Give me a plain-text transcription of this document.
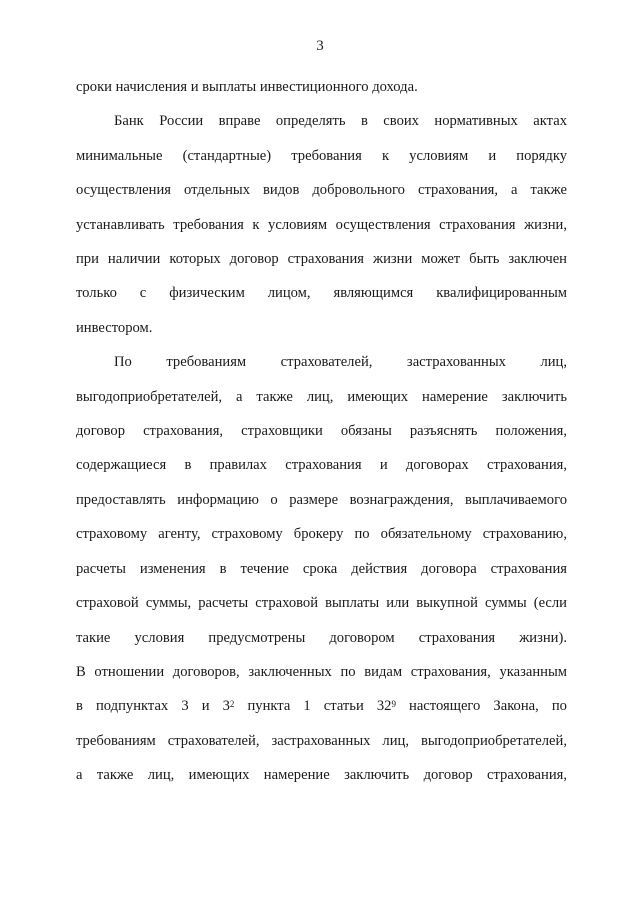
3

сроки начисления и выплаты инвестиционного дохода.

Банк России вправе определять в своих нормативных актах
минимальные (стандартные) требования к условиям и порядку
осуществления отдельных видов добровольного страхования, а также
устанавливать требования к условиям осуществления страхования жизни,
при наличии которых договор страхования жизни может быть заключен
только с физическим лицом, являющимся квалифицированным
инвестором.

По требованиям страхователей, застрахованных лиц,
выгодоприобретателей, а также лиц, имеющих намерение заключить
договор страхования, страховщики обязаны разъяснять положения,
содержащиеся в правилах страхования и договорах страхования,
предоставлять информацию о размере вознаграждения, выплачиваемого
страховому агенту, страховому брокеру по обязательному страхованию,
расчеты изменения в течение срока действия договора страхования
страховой суммы, расчеты страховой выплаты или выкупной суммы (если
такие условия предусмотрены договором страхования жизни).
В отношении договоров, заключенных по видам страхования, указанным
в подпунктах 3 и $3^2$ пункта 1 статьи $32^9$ настоящего Закона, по
требованиям страхователей, застрахованных лиц, выгодоприобретателей,
а также лиц, имеющих намерение заключить договор страхования,
